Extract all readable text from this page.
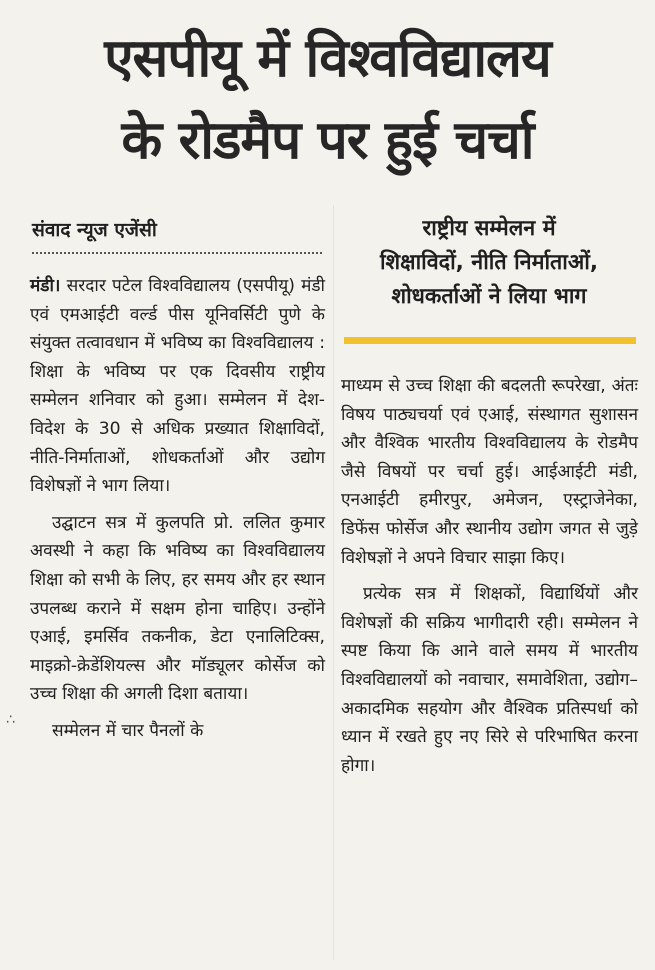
एसपीयू में विश्वविद्यालय
के रोडमैप पर हुई चर्चा
संवाद न्यूज एजेंसी	राष्ट्रीय सम्मेलन में
शिक्षाविदों, नीति निर्माताओं,
शोधकर्ताओं ने लिया भाग
∴

मंडी। सरदार पटेल विश्वविद्यालय (एसपीयू) मंडी एवं एमआईटी वर्ल्ड पीस यूनिवर्सिटी पुणे के संयुक्त तत्वावधान में भविष्य का विश्वविद्यालय : शिक्षा के भविष्य पर एक दिवसीय राष्ट्रीय सम्मेलन शनिवार को हुआ। सम्मेलन में देश-विदेश के 30 से अधिक प्रख्यात शिक्षाविदों, नीति-निर्माताओं, शोधकर्ताओं और उद्योग विशेषज्ञों ने भाग लिया।

उद्घाटन सत्र में कुलपति प्रो. ललित कुमार अवस्थी ने कहा कि भविष्य का विश्वविद्यालय शिक्षा को सभी के लिए, हर समय और हर स्थान उपलब्ध कराने में सक्षम होना चाहिए। उन्होंने एआई, इमर्सिव तकनीक, डेटा एनालिटिक्स, माइक्रो-क्रेडेंशियल्स और मॉड्यूलर कोर्सेज को उच्च शिक्षा की अगली दिशा बताया।

सम्मेलन में चार पैनलों के

माध्यम से उच्च शिक्षा की बदलती रूपरेखा, अंतः विषय पाठ्यचर्या एवं एआई, संस्थागत सुशासन और वैश्विक भारतीय विश्वविद्यालय के रोडमैप जैसे विषयों पर चर्चा हुई। आईआईटी मंडी, एनआईटी हमीरपुर, अमेजन, एस्ट्राजेनेका, डिफेंस फोर्सेज और स्थानीय उद्योग जगत से जुड़े विशेषज्ञों ने अपने विचार साझा किए।

प्रत्येक सत्र में शिक्षकों, विद्यार्थियों और विशेषज्ञों की सक्रिय भागीदारी रही। सम्मेलन ने स्पष्ट किया कि आने वाले समय में भारतीय विश्वविद्यालयों को नवाचार, समावेशिता, उद्योग–अकादमिक सहयोग और वैश्विक प्रतिस्पर्धा को ध्यान में रखते हुए नए सिरे से परिभाषित करना होगा।
